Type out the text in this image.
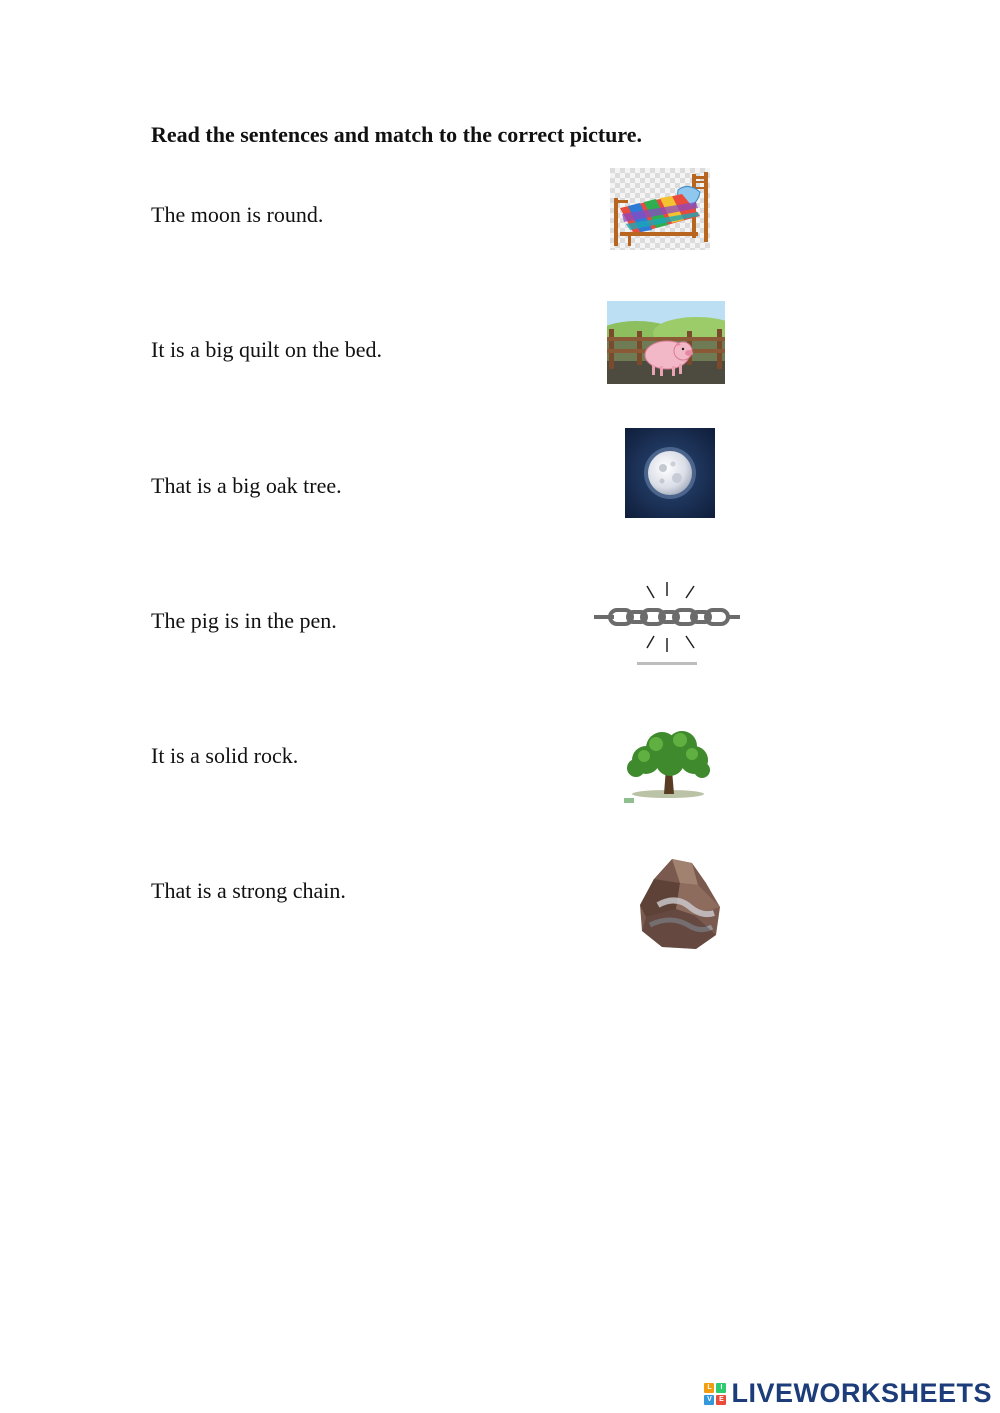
Read the sentences and match to the correct picture.

The moon is round.

It is a big quilt on the bed.

That is a big oak tree.

The pig is in the pen.

It is a solid rock.

That is a strong chain.

L	I
V	E LIVEWORKSHEETS
